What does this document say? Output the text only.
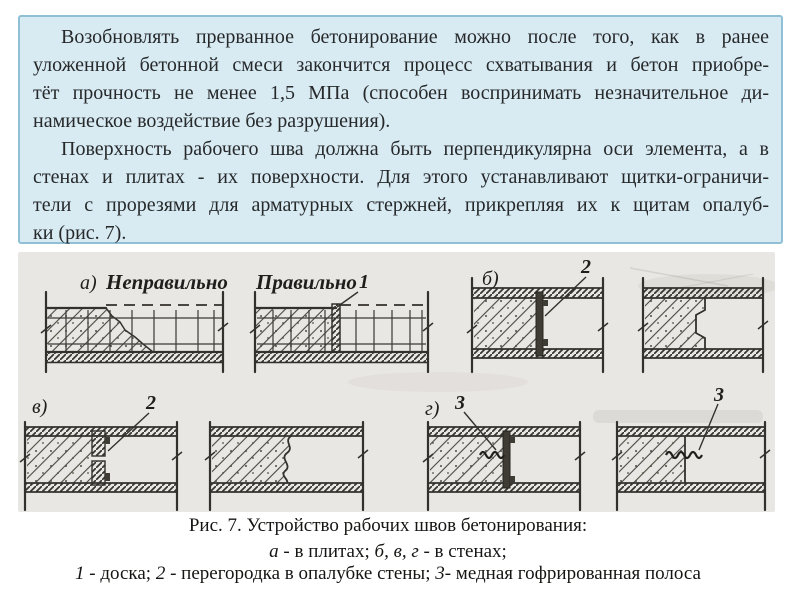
Возобновлять прерванное бетонирование можно после того, как в ранее
уложенной бетонной смеси закончится процесс схватывания и бетон приобре-
тёт прочность не менее 1,5 МПа (способен воспринимать незначительное ди-
намическое воздействие без разрушения).
Поверхность рабочего шва должна быть перпендикулярна оси элемента, а в
стенах и плитах - их поверхности. Для этого устанавливают щитки-ограничи-
тели с прорезями для арматурных стержней, прикрепляя их к щитам опалуб-
ки (рис. 7).
а) Неправильно Правильно 1	б)
2
в)	2	г) 3	3
Рис. 7. Устройство рабочих швов бетонирования:
а - в плитах; б, в, г - в стенах;
1 - доска; 2 - перегородка в опалубке стены; 3- медная гофрированная полоса
